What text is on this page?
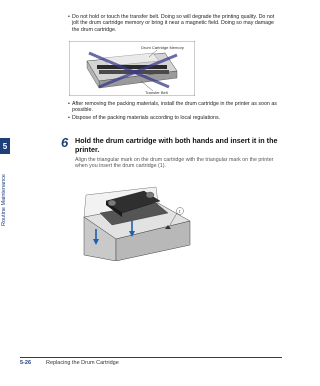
5
Routine Maintenance
• Do not hold or touch the transfer belt. Doing so will degrade the printing quality. Do not jolt the drum cartridge memory or bring it near a magnetic field. Doing so may damage the drum cartridge.
Drum Cartridge Memory
Transfer Belt
• After removing the packing materials, install the drum cartridge in the printer as soon as possible.
• Dispose of the packing materials according to local regulations.
6 Hold the drum cartridge with both hands and insert it in the printer.
Align the triangular mark on the drum cartridge with the triangular mark on the printer when you insert the drum cartridge (1).
1
5-26	Replacing the Drum Cartridge
